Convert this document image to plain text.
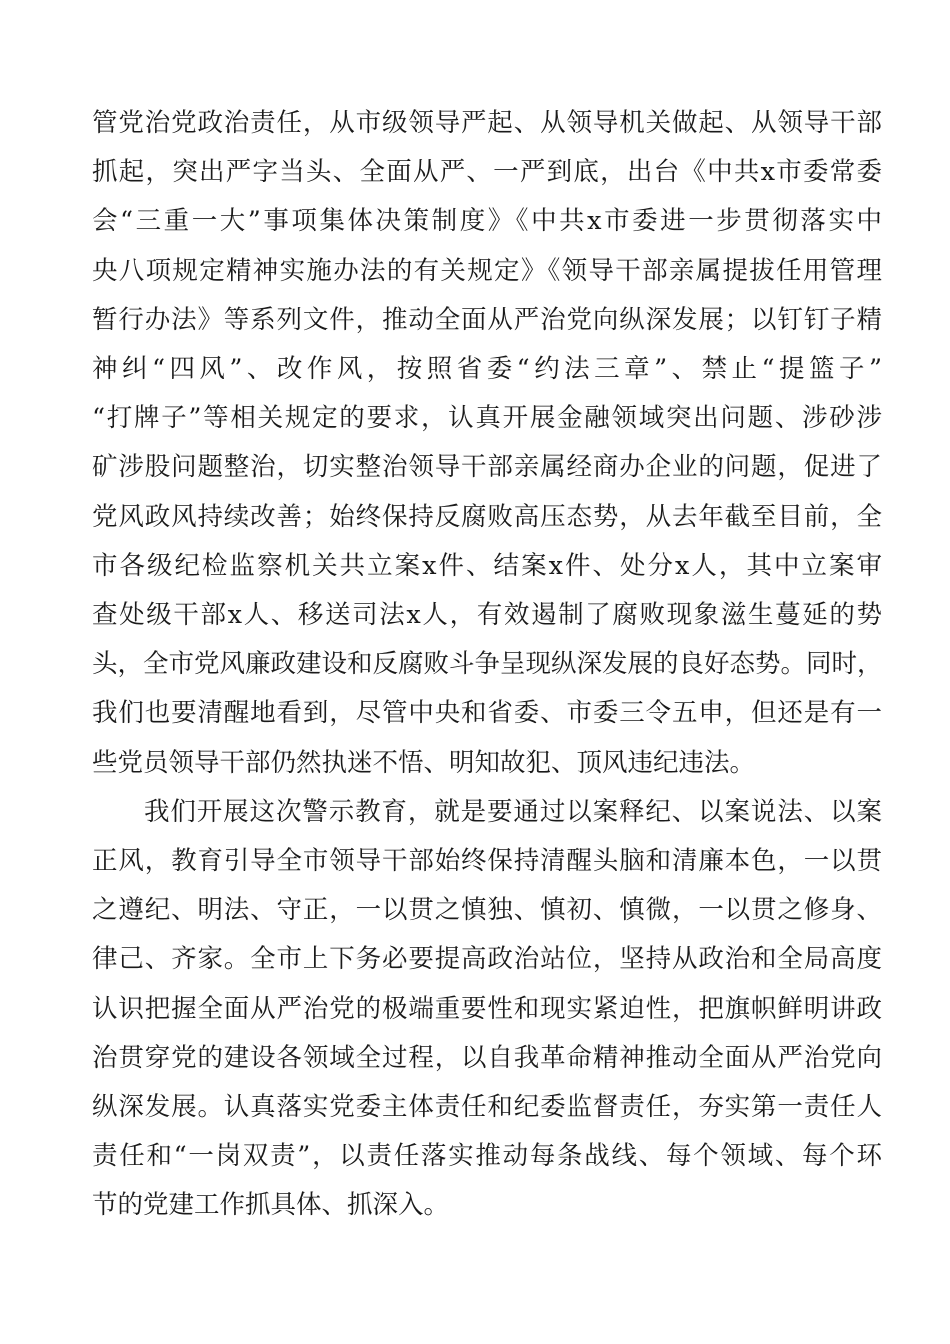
管党治党政治责任，从市级领导严起、从领导机关做起、从领导干部
抓起，突出严字当头、全面从严、一严到底，出台《中共x市委常委
会“三重一大”事项集体决策制度》《中共x市委进一步贯彻落实中
央八项规定精神实施办法的有关规定》《领导干部亲属提拔任用管理
暂行办法》等系列文件，推动全面从严治党向纵深发展；以钉钉子精
神纠“四风”、改作风，按照省委“约法三章”、禁止“提篮子”
“打牌子”等相关规定的要求，认真开展金融领域突出问题、涉砂涉
矿涉股问题整治，切实整治领导干部亲属经商办企业的问题，促进了
党风政风持续改善；始终保持反腐败高压态势，从去年截至目前，全
市各级纪检监察机关共立案x件、结案x件、处分x人，其中立案审
查处级干部x人、移送司法x人，有效遏制了腐败现象滋生蔓延的势
头，全市党风廉政建设和反腐败斗争呈现纵深发展的良好态势。同时，
我们也要清醒地看到，尽管中央和省委、市委三令五申，但还是有一
些党员领导干部仍然执迷不悟、明知故犯、顶风违纪违法。
我们开展这次警示教育，就是要通过以案释纪、以案说法、以案
正风，教育引导全市领导干部始终保持清醒头脑和清廉本色，一以贯
之遵纪、明法、守正，一以贯之慎独、慎初、慎微，一以贯之修身、
律己、齐家。全市上下务必要提高政治站位，坚持从政治和全局高度
认识把握全面从严治党的极端重要性和现实紧迫性，把旗帜鲜明讲政
治贯穿党的建设各领域全过程，以自我革命精神推动全面从严治党向
纵深发展。认真落实党委主体责任和纪委监督责任，夯实第一责任人
责任和“一岗双责”，以责任落实推动每条战线、每个领域、每个环
节的党建工作抓具体、抓深入。
